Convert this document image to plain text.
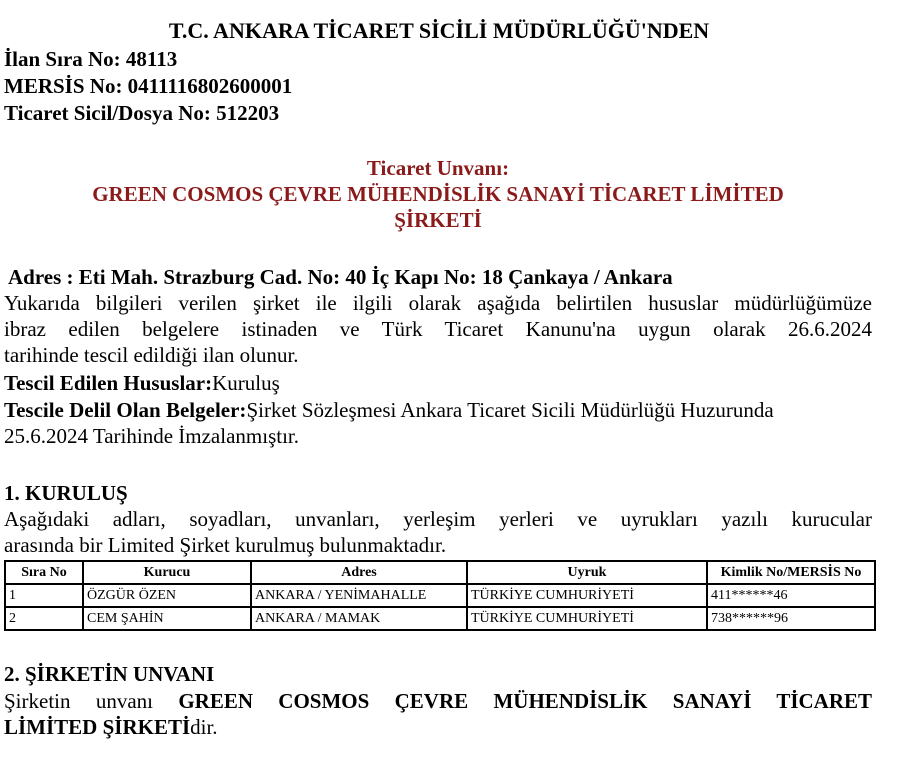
T.C. ANKARA TİCARET SİCİLİ MÜDÜRLÜĞÜ'NDEN
İlan Sıra No: 48113
MERSİS No: 0411116802600001
Ticaret Sicil/Dosya No: 512203
Ticaret Unvanı:
GREEN COSMOS ÇEVRE MÜHENDİSLİK SANAYİ TİCARET LİMİTED
ŞİRKETİ
Adres : Eti Mah. Strazburg Cad. No: 40 İç Kapı No: 18 Çankaya / Ankara
Yukarıda bilgileri verilen şirket ile ilgili olarak aşağıda belirtilen hususlar müdürlüğümüze
ibraz edilen belgelere istinaden ve Türk Ticaret Kanunu'na uygun olarak 26.6.2024
tarihinde tescil edildiği ilan olunur.
Tescil Edilen Hususlar:Kuruluş
Tescile Delil Olan Belgeler:Şirket Sözleşmesi Ankara Ticaret Sicili Müdürlüğü Huzurunda
25.6.2024 Tarihinde İmzalanmıştır.
1. KURULUŞ
Aşağıdaki adları, soyadları, unvanları, yerleşim yerleri ve uyrukları yazılı kurucular
arasında bir Limited Şirket kurulmuş bulunmaktadır.
Sıra No	Kurucu	Adres	Uyruk	Kimlik No/MERSİS No
1	ÖZGÜR ÖZEN	ANKARA / YENİMAHALLE	TÜRKİYE CUMHURİYETİ	411******46
2	CEM ŞAHİN	ANKARA / MAMAK	TÜRKİYE CUMHURİYETİ	738******96
2. ŞİRKETİN UNVANI
Şirketin unvanı GREEN COSMOS ÇEVRE MÜHENDİSLİK SANAYİ TİCARET
LİMİTED ŞİRKETİdir.
